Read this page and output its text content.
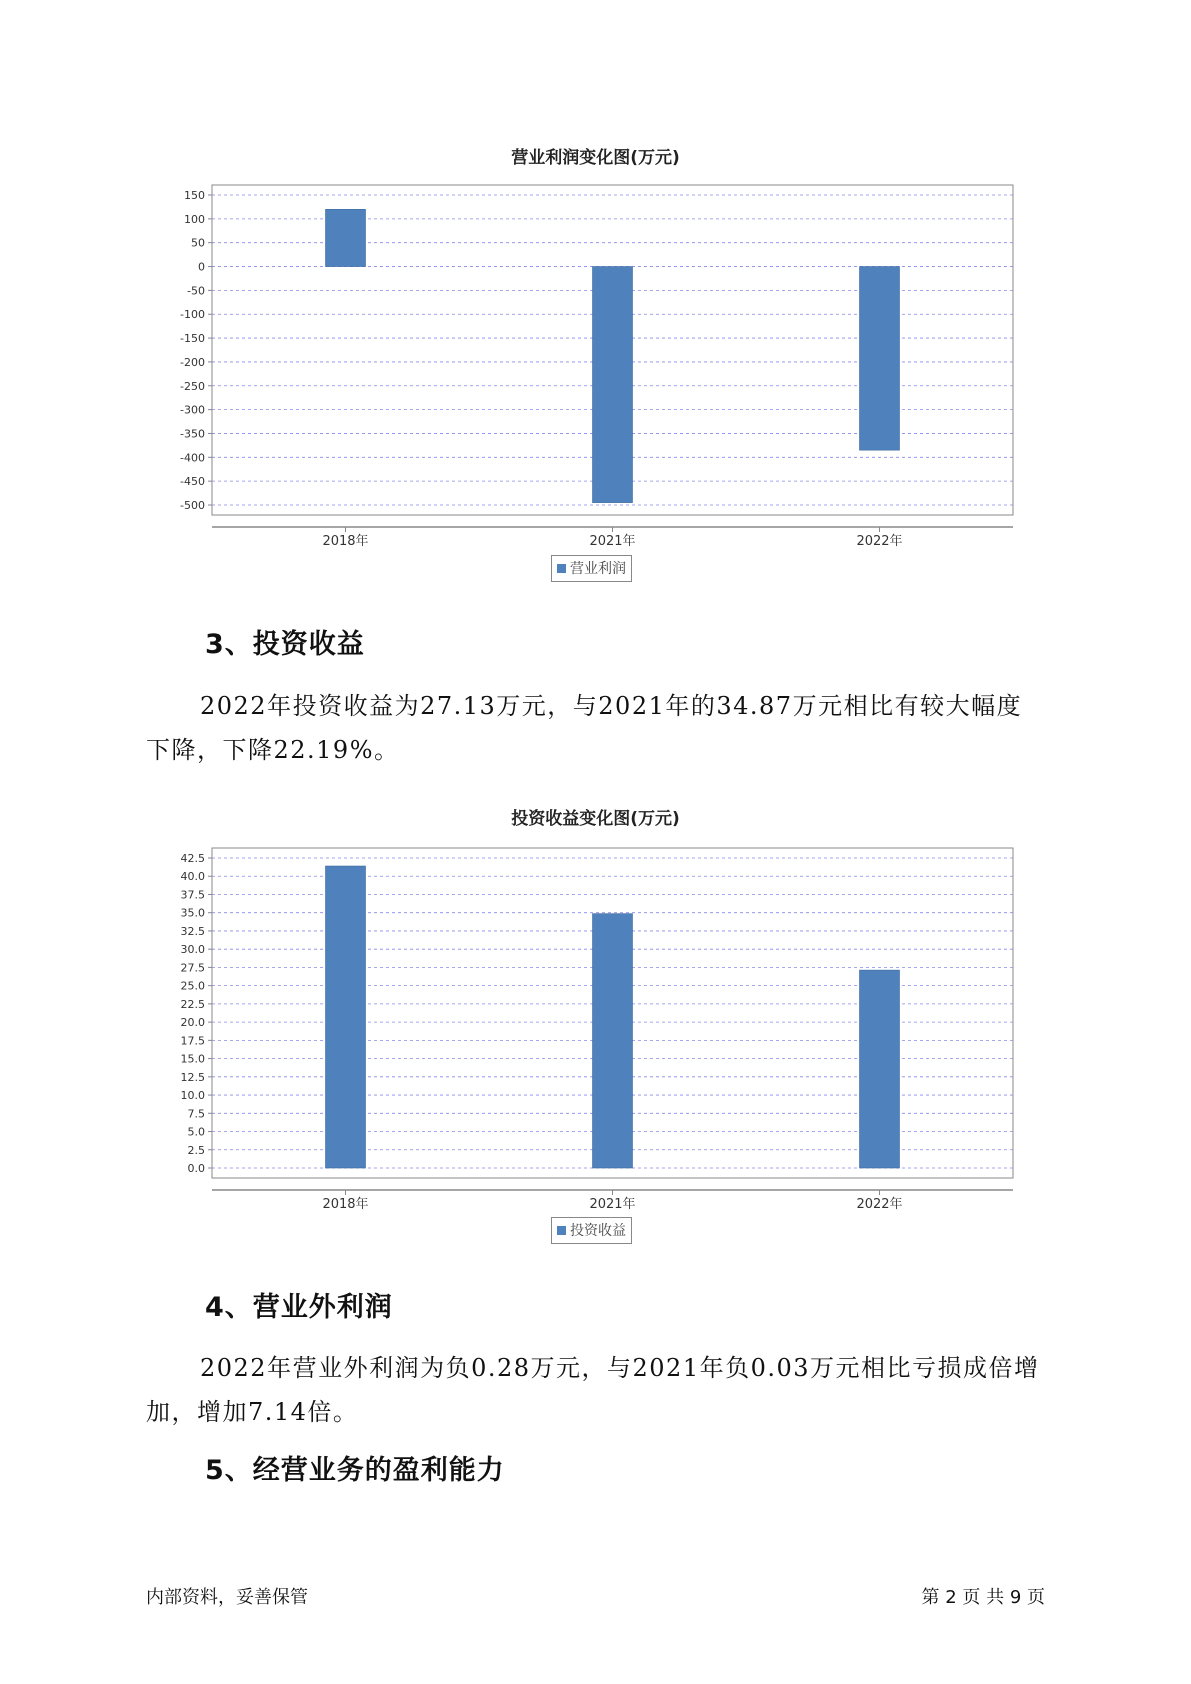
营业利润变化图(万元)
150
100
50
0
-50
-100
-150
-200
-250
-300
-350
-400
-450
-500
2018年	2021年	2022年
营业利润
3、投资收益
2022年投资收益为27.13万元，与2021年的34.87万元相比有较大幅度下降，下降22.19%。
投资收益变化图(万元)
42.5
40.0
37.5
35.0
32.5
30.0
27.5
25.0
22.5
20.0
17.5
15.0
12.5
10.0
7.5
5.0
2.5
0.0
2018年	2021年	2022年
投资收益
4、营业外利润
2022年营业外利润为负0.28万元，与2021年负0.03万元相比亏损成倍增加，增加7.14倍。
5、经营业务的盈利能力
内部资料，妥善保管	第 2 页 共 9 页
